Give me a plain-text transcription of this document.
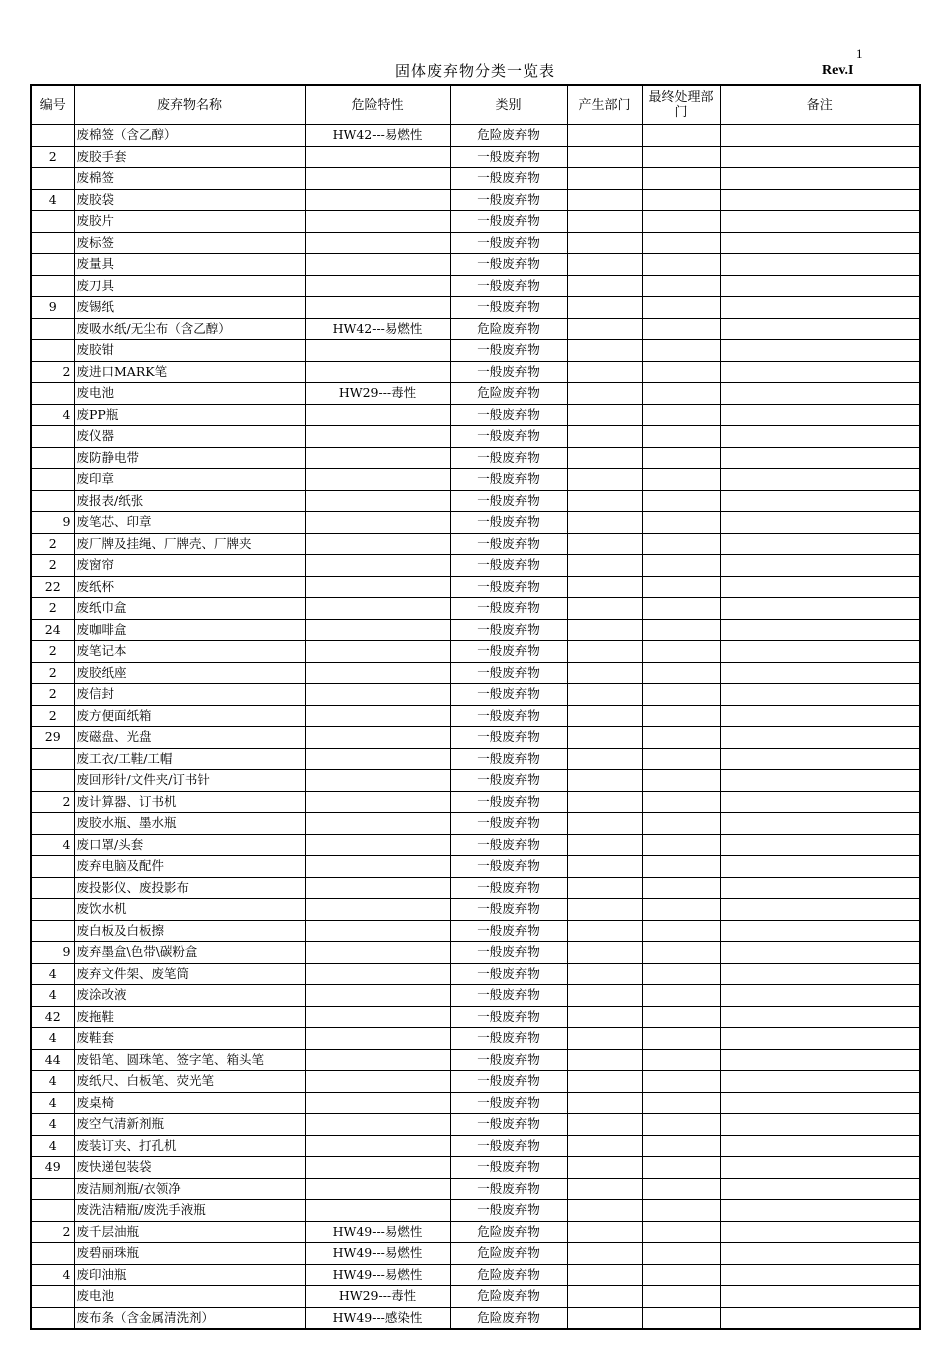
1
固体废弃物分类一览表	Rev.I
编号	废弃物名称	危险特性	类别	产生部门	最终处理部门	备注
	废棉签（含乙醇）	HW42---易燃性	危险废弃物			
2	废胶手套		一般废弃物			
	废棉签		一般废弃物			
4	废胶袋		一般废弃物			
	废胶片		一般废弃物			
	废标签		一般废弃物			
	废量具		一般废弃物			
	废刀具		一般废弃物			
9	废锡纸		一般废弃物			
	废吸水纸/无尘布（含乙醇）	HW42---易燃性	危险废弃物			
	废胶钳		一般废弃物			
2	废进口MARK笔		一般废弃物			
	废电池	HW29---毒性	危险废弃物			
4	废PP瓶		一般废弃物			
	废仪器		一般废弃物			
	废防静电带		一般废弃物			
	废印章		一般废弃物			
	废报表/纸张		一般废弃物			
9	废笔芯、印章		一般废弃物			
2	废厂牌及挂绳、厂牌壳、厂牌夹		一般废弃物			
2	废窗帘		一般废弃物			
22	废纸杯		一般废弃物			
2	废纸巾盒		一般废弃物			
24	废咖啡盒		一般废弃物			
2	废笔记本		一般废弃物			
2	废胶纸座		一般废弃物			
2	废信封		一般废弃物			
2	废方便面纸箱		一般废弃物			
29	废磁盘、光盘		一般废弃物			
	废工衣/工鞋/工帽		一般废弃物			
	废回形针/文件夹/订书针		一般废弃物			
2	废计算器、订书机		一般废弃物			
	废胶水瓶、墨水瓶		一般废弃物			
4	废口罩/头套		一般废弃物			
	废弃电脑及配件		一般废弃物			
	废投影仪、废投影布		一般废弃物			
	废饮水机		一般废弃物			
	废白板及白板擦		一般废弃物			
9	废弃墨盒\色带\碳粉盒		一般废弃物			
4	废弃文件架、废笔筒		一般废弃物			
4	废涂改液		一般废弃物			
42	废拖鞋		一般废弃物			
4	废鞋套		一般废弃物			
44	废铅笔、圆珠笔、签字笔、箱头笔		一般废弃物			
4	废纸尺、白板笔、荧光笔		一般废弃物			
4	废桌椅		一般废弃物			
4	废空气清新剂瓶		一般废弃物			
4	废装订夹、打孔机		一般废弃物			
49	废快递包装袋		一般废弃物			
	废洁厕剂瓶/衣领净		一般废弃物			
	废洗洁精瓶/废洗手液瓶		一般废弃物			
2	废千层油瓶	HW49---易燃性	危险废弃物			
	废碧丽珠瓶	HW49---易燃性	危险废弃物			
4	废印油瓶	HW49---易燃性	危险废弃物			
	废电池	HW29---毒性	危险废弃物			
	废布条（含金属清洗剂）	HW49---感染性	危险废弃物			
